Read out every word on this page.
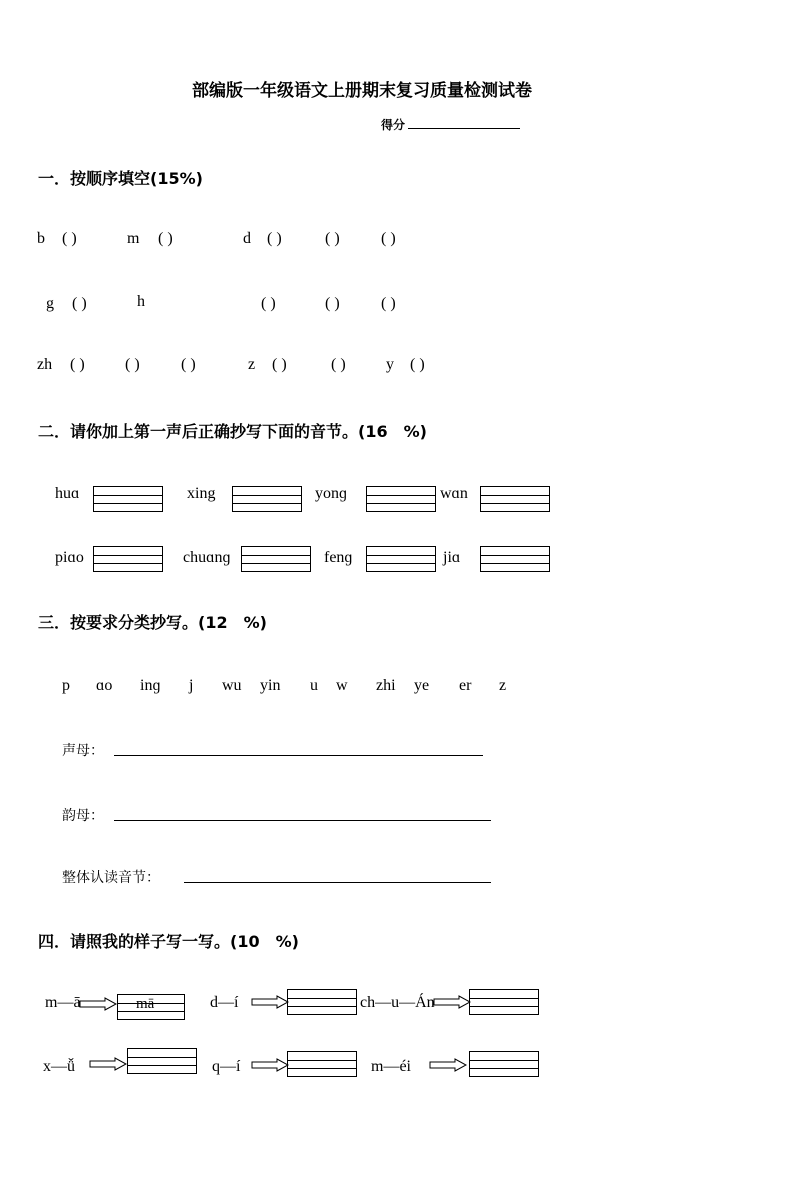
部编版一年级语文上册期末复习质量检测试卷
得分
一．按顺序填空(15%)
b ( )	m ( )	d ( )	( )	( )
g ( )	h	( )	( )	( )
zh ( )	( )	( )	z ( )	( )	y ( )
二．请你加上第一声后正确抄写下面的音节。(16　%)
huɑ	xing	yonɡ	wɑn
piɑo	chuɑnɡ	fenɡ	jiɑ
三．按要求分类抄写。(12　%)
p ɑo inɡ j wu yin u w zhi ye er z
声母：
韵母：
整体认读音节：
四．请照我的样子写一写。(10　%)
m—ā	mā	d—í	ch—u—Án
x—ǚ	q—í	m—éi
